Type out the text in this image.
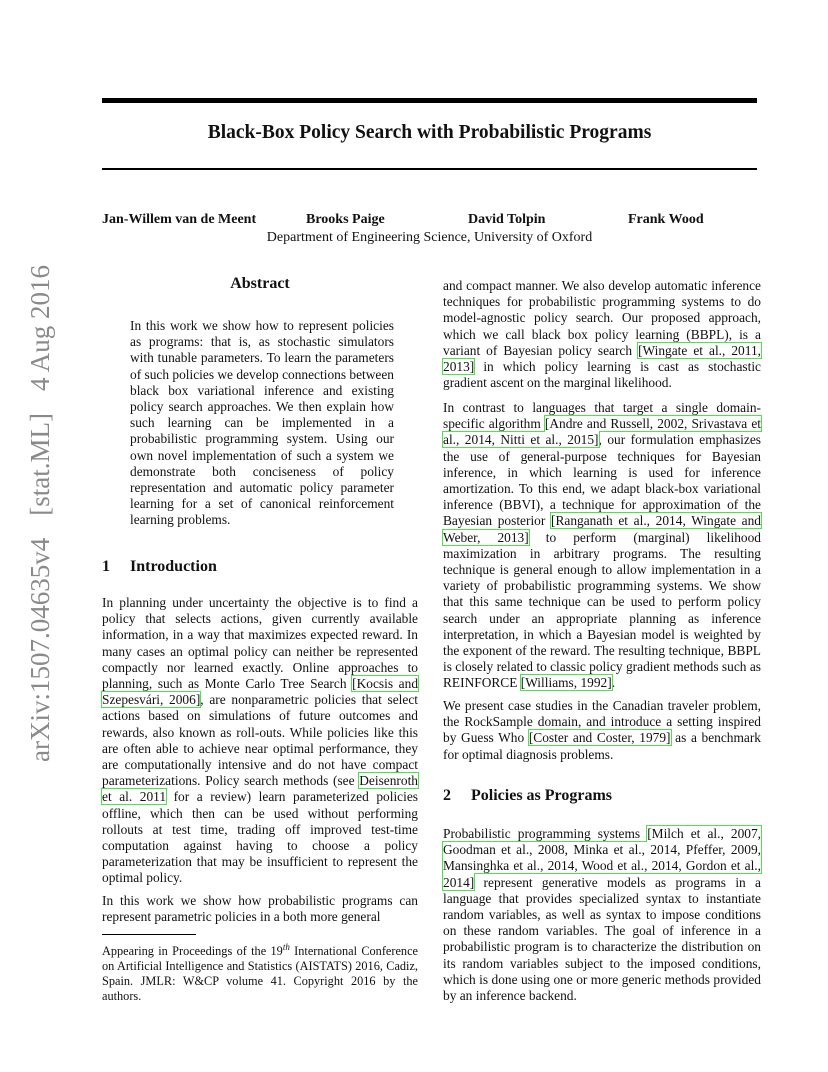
Black-Box Policy Search with Probabilistic Programs
Jan-Willem van de Meent	Brooks Paige	David Tolpin	Frank Wood
Department of Engineering Science, University of Oxford
arXiv:1507.04635v4[stat.ML]4 Aug 2016	Abstract

In this work we show how to represent policies as programs: that is, as stochastic simulators with tunable parameters. To learn the parameters of such policies we develop connections between black box variational inference and existing policy search approaches. We then explain how such learning can be implemented in a probabilistic programming system. Using our own novel implementation of such a system we demonstrate both conciseness of policy representation and automatic policy parameter learning for a set of canonical reinforcement learning problems.

1 Introduction

In planning under uncertainty the objective is to find a policy that selects actions, given currently available information, in a way that maximizes expected reward. In many cases an optimal policy can neither be represented compactly nor learned exactly. Online approaches to planning, such as Monte Carlo Tree Search [Kocsis and Szepesvári, 2006], are nonparametric policies that select actions based on simulations of future outcomes and rewards, also known as roll-outs. While policies like this are often able to achieve near optimal performance, they are computationally intensive and do not have compact parameterizations. Policy search methods (see Deisenroth et al. 2011 for a review) learn parameterized policies offline, which then can be used without performing rollouts at test time, trading off improved test-time computation against having to choose a policy parameterization that may be insufficient to represent the optimal policy.

In this work we show how probabilistic programs can represent parametric policies in a both more general

Appearing in Proceedings of the 19th International Conference on Artificial Intelligence and Statistics (AISTATS) 2016, Cadiz, Spain. JMLR: W&CP volume 41. Copyright 2016 by the authors.

and compact manner. We also develop automatic inference techniques for probabilistic programming systems to do model-agnostic policy search. Our proposed approach, which we call black box policy learning (BBPL), is a variant of Bayesian policy search [Wingate et al., 2011, 2013] in which policy learning is cast as stochastic gradient ascent on the marginal likelihood.

In contrast to languages that target a single domain-specific algorithm [Andre and Russell, 2002, Srivastava et al., 2014, Nitti et al., 2015], our formulation emphasizes the use of general-purpose techniques for Bayesian inference, in which learning is used for inference amortization. To this end, we adapt black-box variational inference (BBVI), a technique for approximation of the Bayesian posterior [Ranganath et al., 2014, Wingate and Weber, 2013] to perform (marginal) likelihood maximization in arbitrary programs. The resulting technique is general enough to allow implementation in a variety of probabilistic programming systems. We show that this same technique can be used to perform policy search under an appropriate planning as inference interpretation, in which a Bayesian model is weighted by the exponent of the reward. The resulting technique, BBPL is closely related to classic policy gradient methods such as REINFORCE [Williams, 1992].

We present case studies in the Canadian traveler problem, the RockSample domain, and introduce a setting inspired by Guess Who [Coster and Coster, 1979] as a benchmark for optimal diagnosis problems.

2 Policies as Programs

Probabilistic programming systems [Milch et al., 2007, Goodman et al., 2008, Minka et al., 2014, Pfeffer, 2009, Mansinghka et al., 2014, Wood et al., 2014, Gordon et al., 2014] represent generative models as programs in a language that provides specialized syntax to instantiate random variables, as well as syntax to impose conditions on these random variables. The goal of inference in a probabilistic program is to characterize the distribution on its random variables subject to the imposed conditions, which is done using one or more generic methods provided by an inference backend.
